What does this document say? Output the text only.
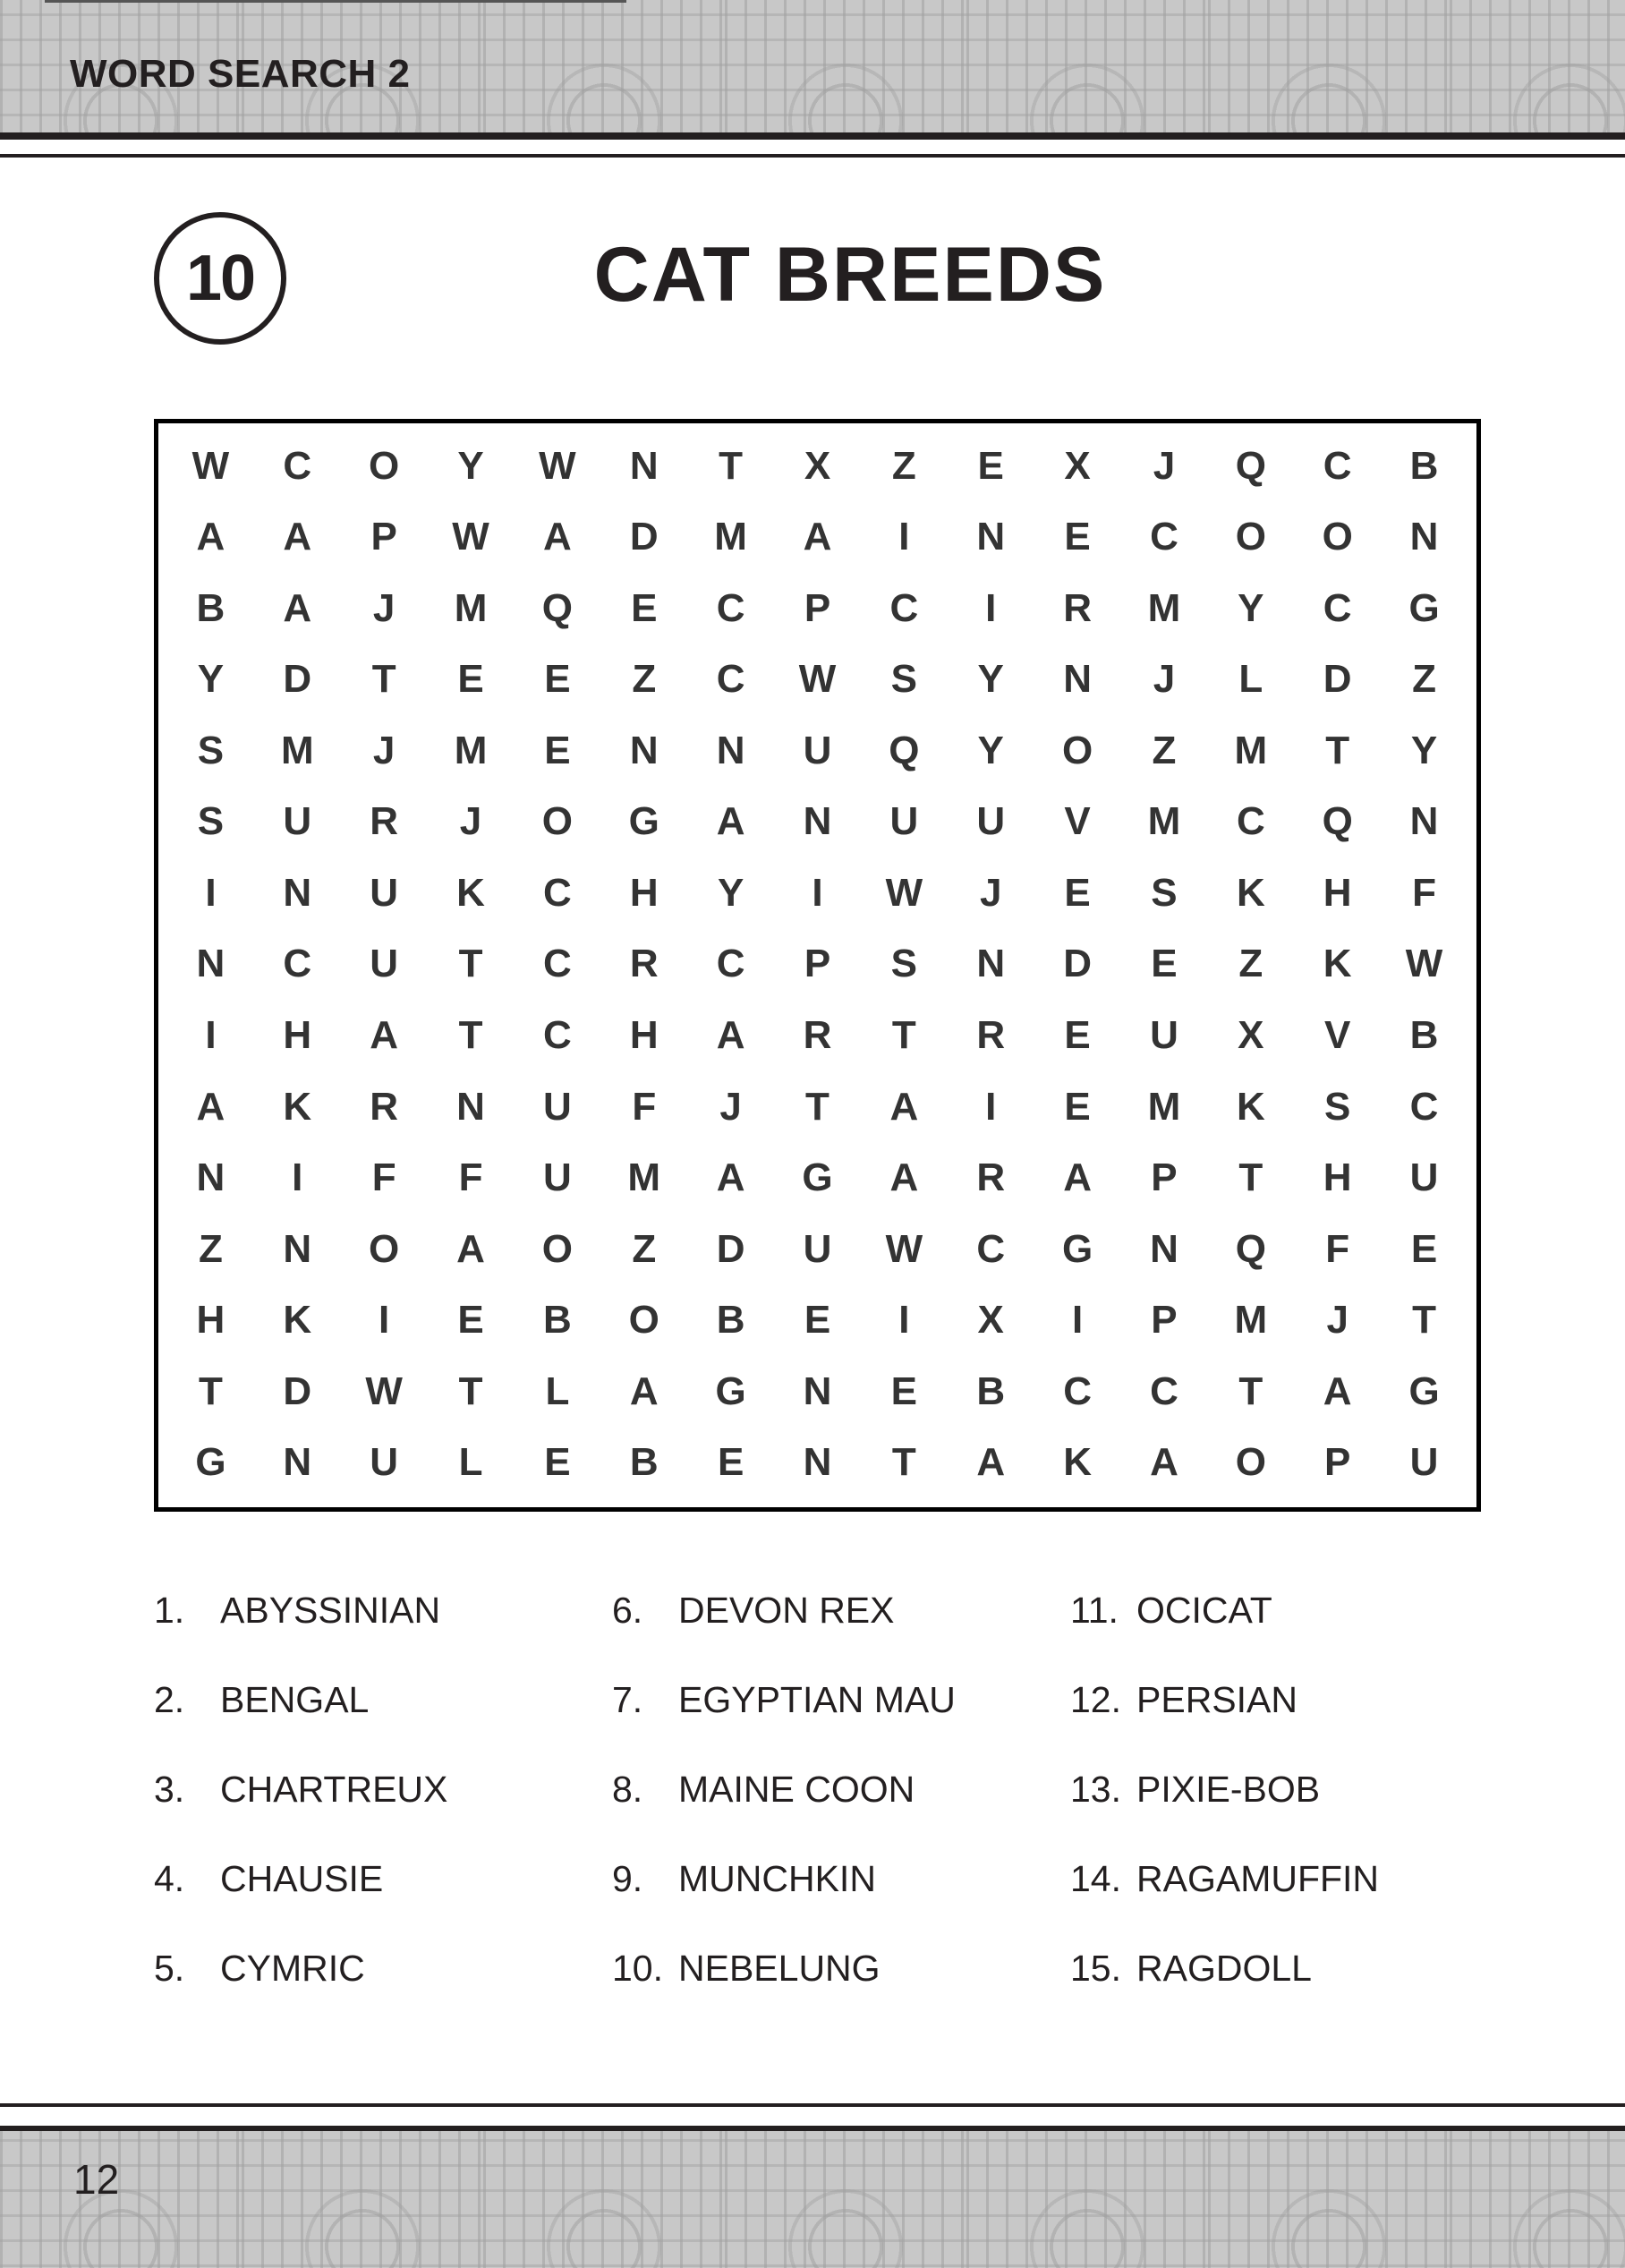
WORD SEARCH 2
10	CAT BREEDS
W	C	O	Y	W	N	T	X	Z	E	X	J	Q	C	B
A	A	P	W	A	D	M	A	I	N	E	C	O	O	N
B	A	J	M	Q	E	C	P	C	I	R	M	Y	C	G
Y	D	T	E	E	Z	C	W	S	Y	N	J	L	D	Z
S	M	J	M	E	N	N	U	Q	Y	O	Z	M	T	Y
S	U	R	J	O	G	A	N	U	U	V	M	C	Q	N
I	N	U	K	C	H	Y	I	W	J	E	S	K	H	F
N	C	U	T	C	R	C	P	S	N	D	E	Z	K	W
I	H	A	T	C	H	A	R	T	R	E	U	X	V	B
A	K	R	N	U	F	J	T	A	I	E	M	K	S	C
N	I	F	F	U	M	A	G	A	R	A	P	T	H	U
Z	N	O	A	O	Z	D	U	W	C	G	N	Q	F	E
H	K	I	E	B	O	B	E	I	X	I	P	M	J	T
T	D	W	T	L	A	G	N	E	B	C	C	T	A	G
G	N	U	L	E	B	E	N	T	A	K	A	O	P	U
1. ABYSSINIAN
2. BENGAL
3. CHARTREUX
4. CHAUSIE
5. CYMRIC
6. DEVON REX
7. EGYPTIAN MAU
8. MAINE COON
9. MUNCHKIN
10. NEBELUNG
11. OCICAT
12. PERSIAN
13. PIXIE-BOB
14. RAGAMUFFIN
15. RAGDOLL
12
